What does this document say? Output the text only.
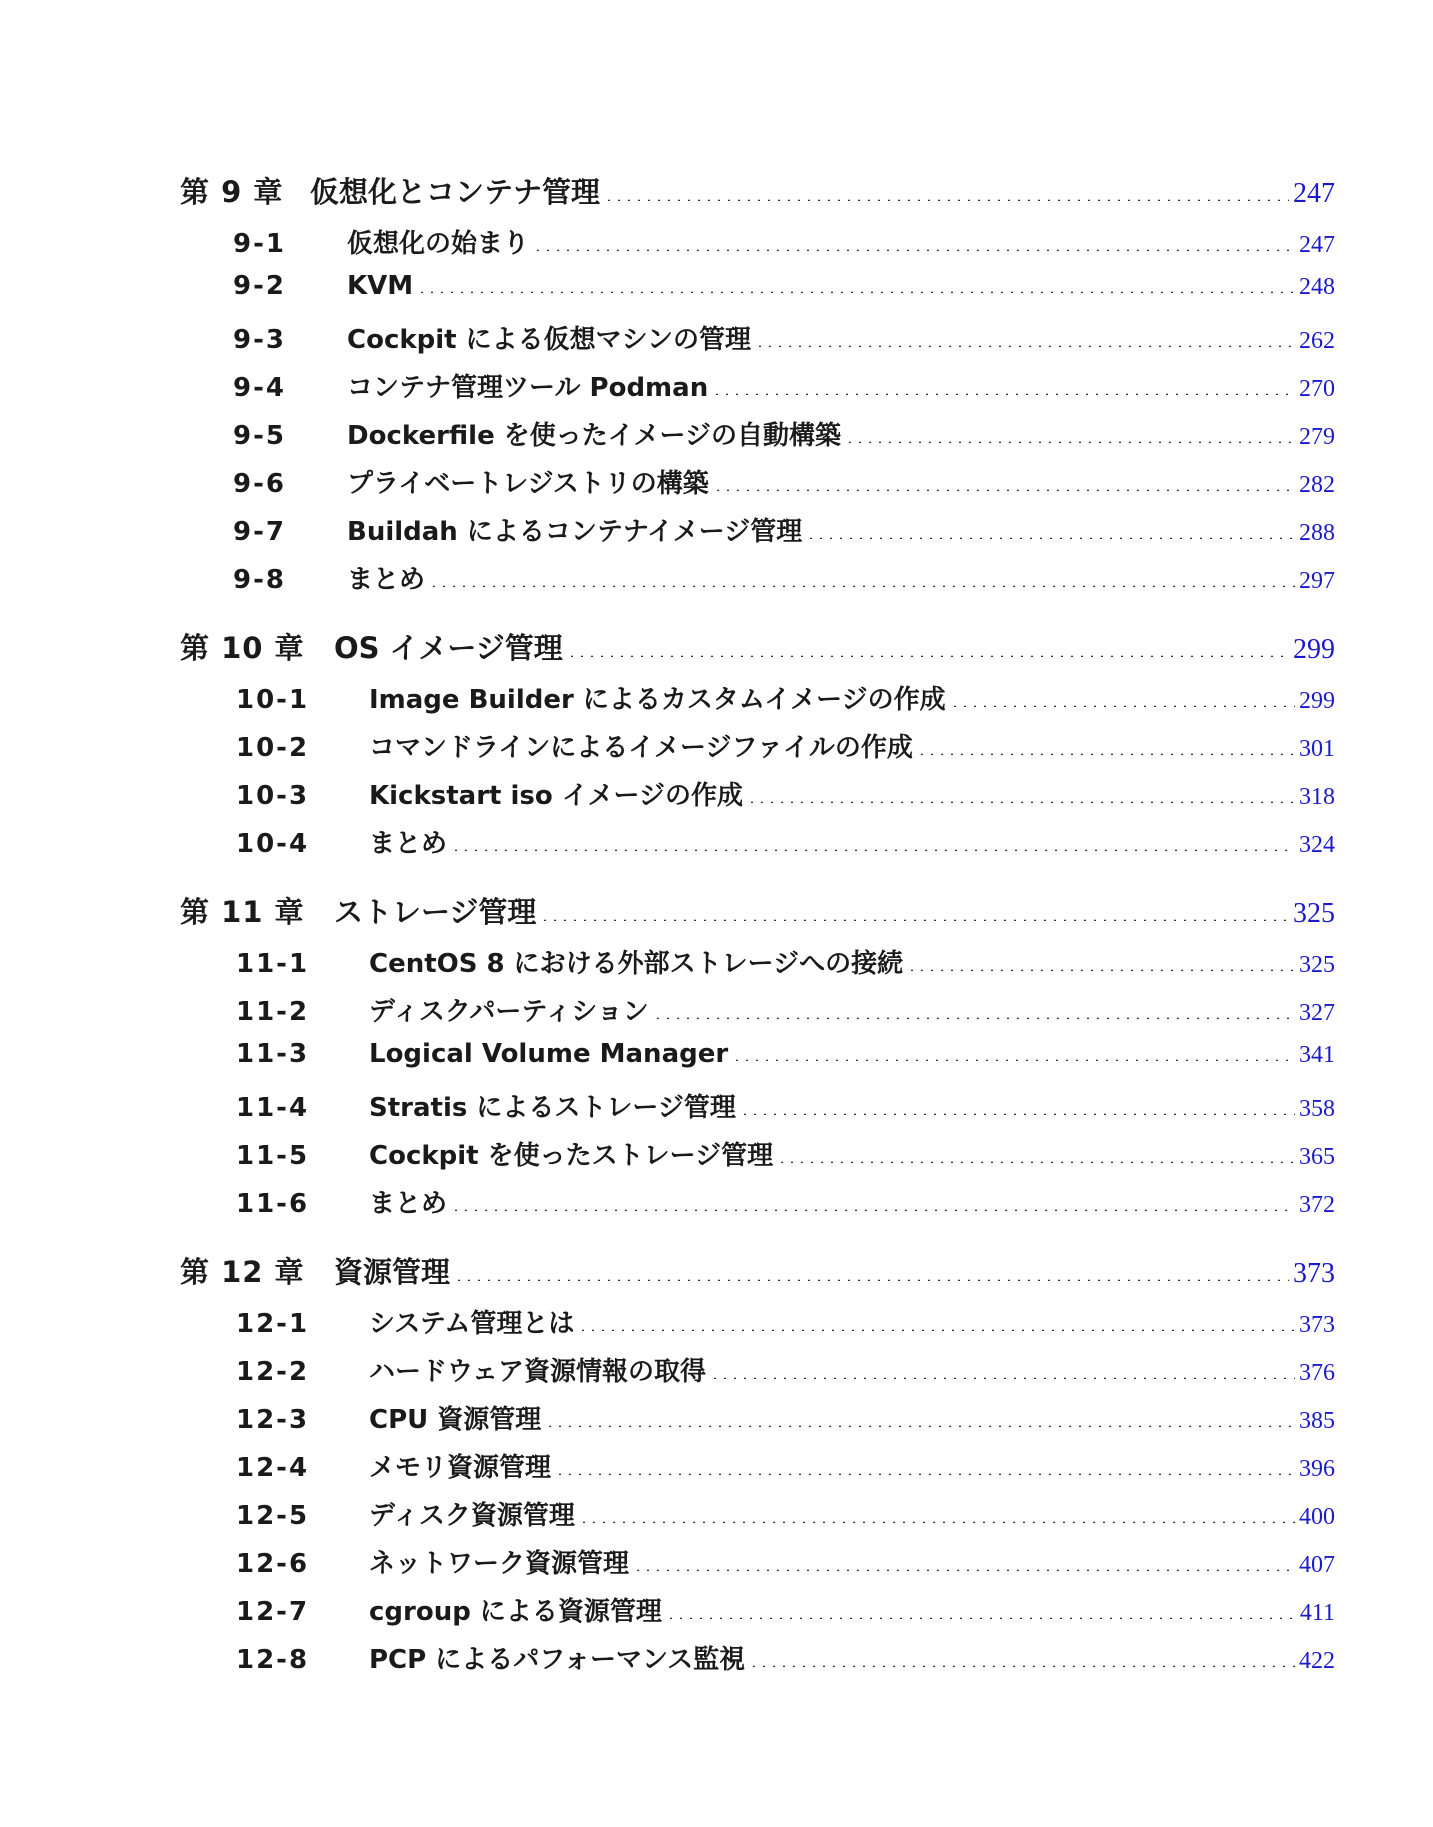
第 9 章 仮想化とコンテナ管理	247
9-1	仮想化の始まり	247
9-2	KVM	248
9-3	Cockpit による仮想マシンの管理	262
9-4	コンテナ管理ツール Podman	270
9-5	Dockerfile を使ったイメージの自動構築	279
9-6	プライベートレジストリの構築	282
9-7	Buildah によるコンテナイメージ管理	288
9-8	まとめ	297
第 10 章	OS イメージ管理	299
10-1	Image Builder によるカスタムイメージの作成	299
10-2	コマンドラインによるイメージファイルの作成	301
10-3	Kickstart iso イメージの作成	318
10-4	まとめ	324
第 11 章	ストレージ管理	325
11-1	CentOS 8 における外部ストレージへの接続	325
11-2	ディスクパーティション	327
11-3	Logical Volume Manager	341
11-4	Stratis によるストレージ管理	358
11-5	Cockpit を使ったストレージ管理	365
11-6	まとめ	372
第 12 章	資源管理	373
12-1	システム管理とは	373
12-2	ハードウェア資源情報の取得	376
12-3	CPU 資源管理	385
12-4	メモリ資源管理	396
12-5	ディスク資源管理	400
12-6	ネットワーク資源管理	407
12-7	cgroup による資源管理	411
12-8	PCP によるパフォーマンス監視	422
